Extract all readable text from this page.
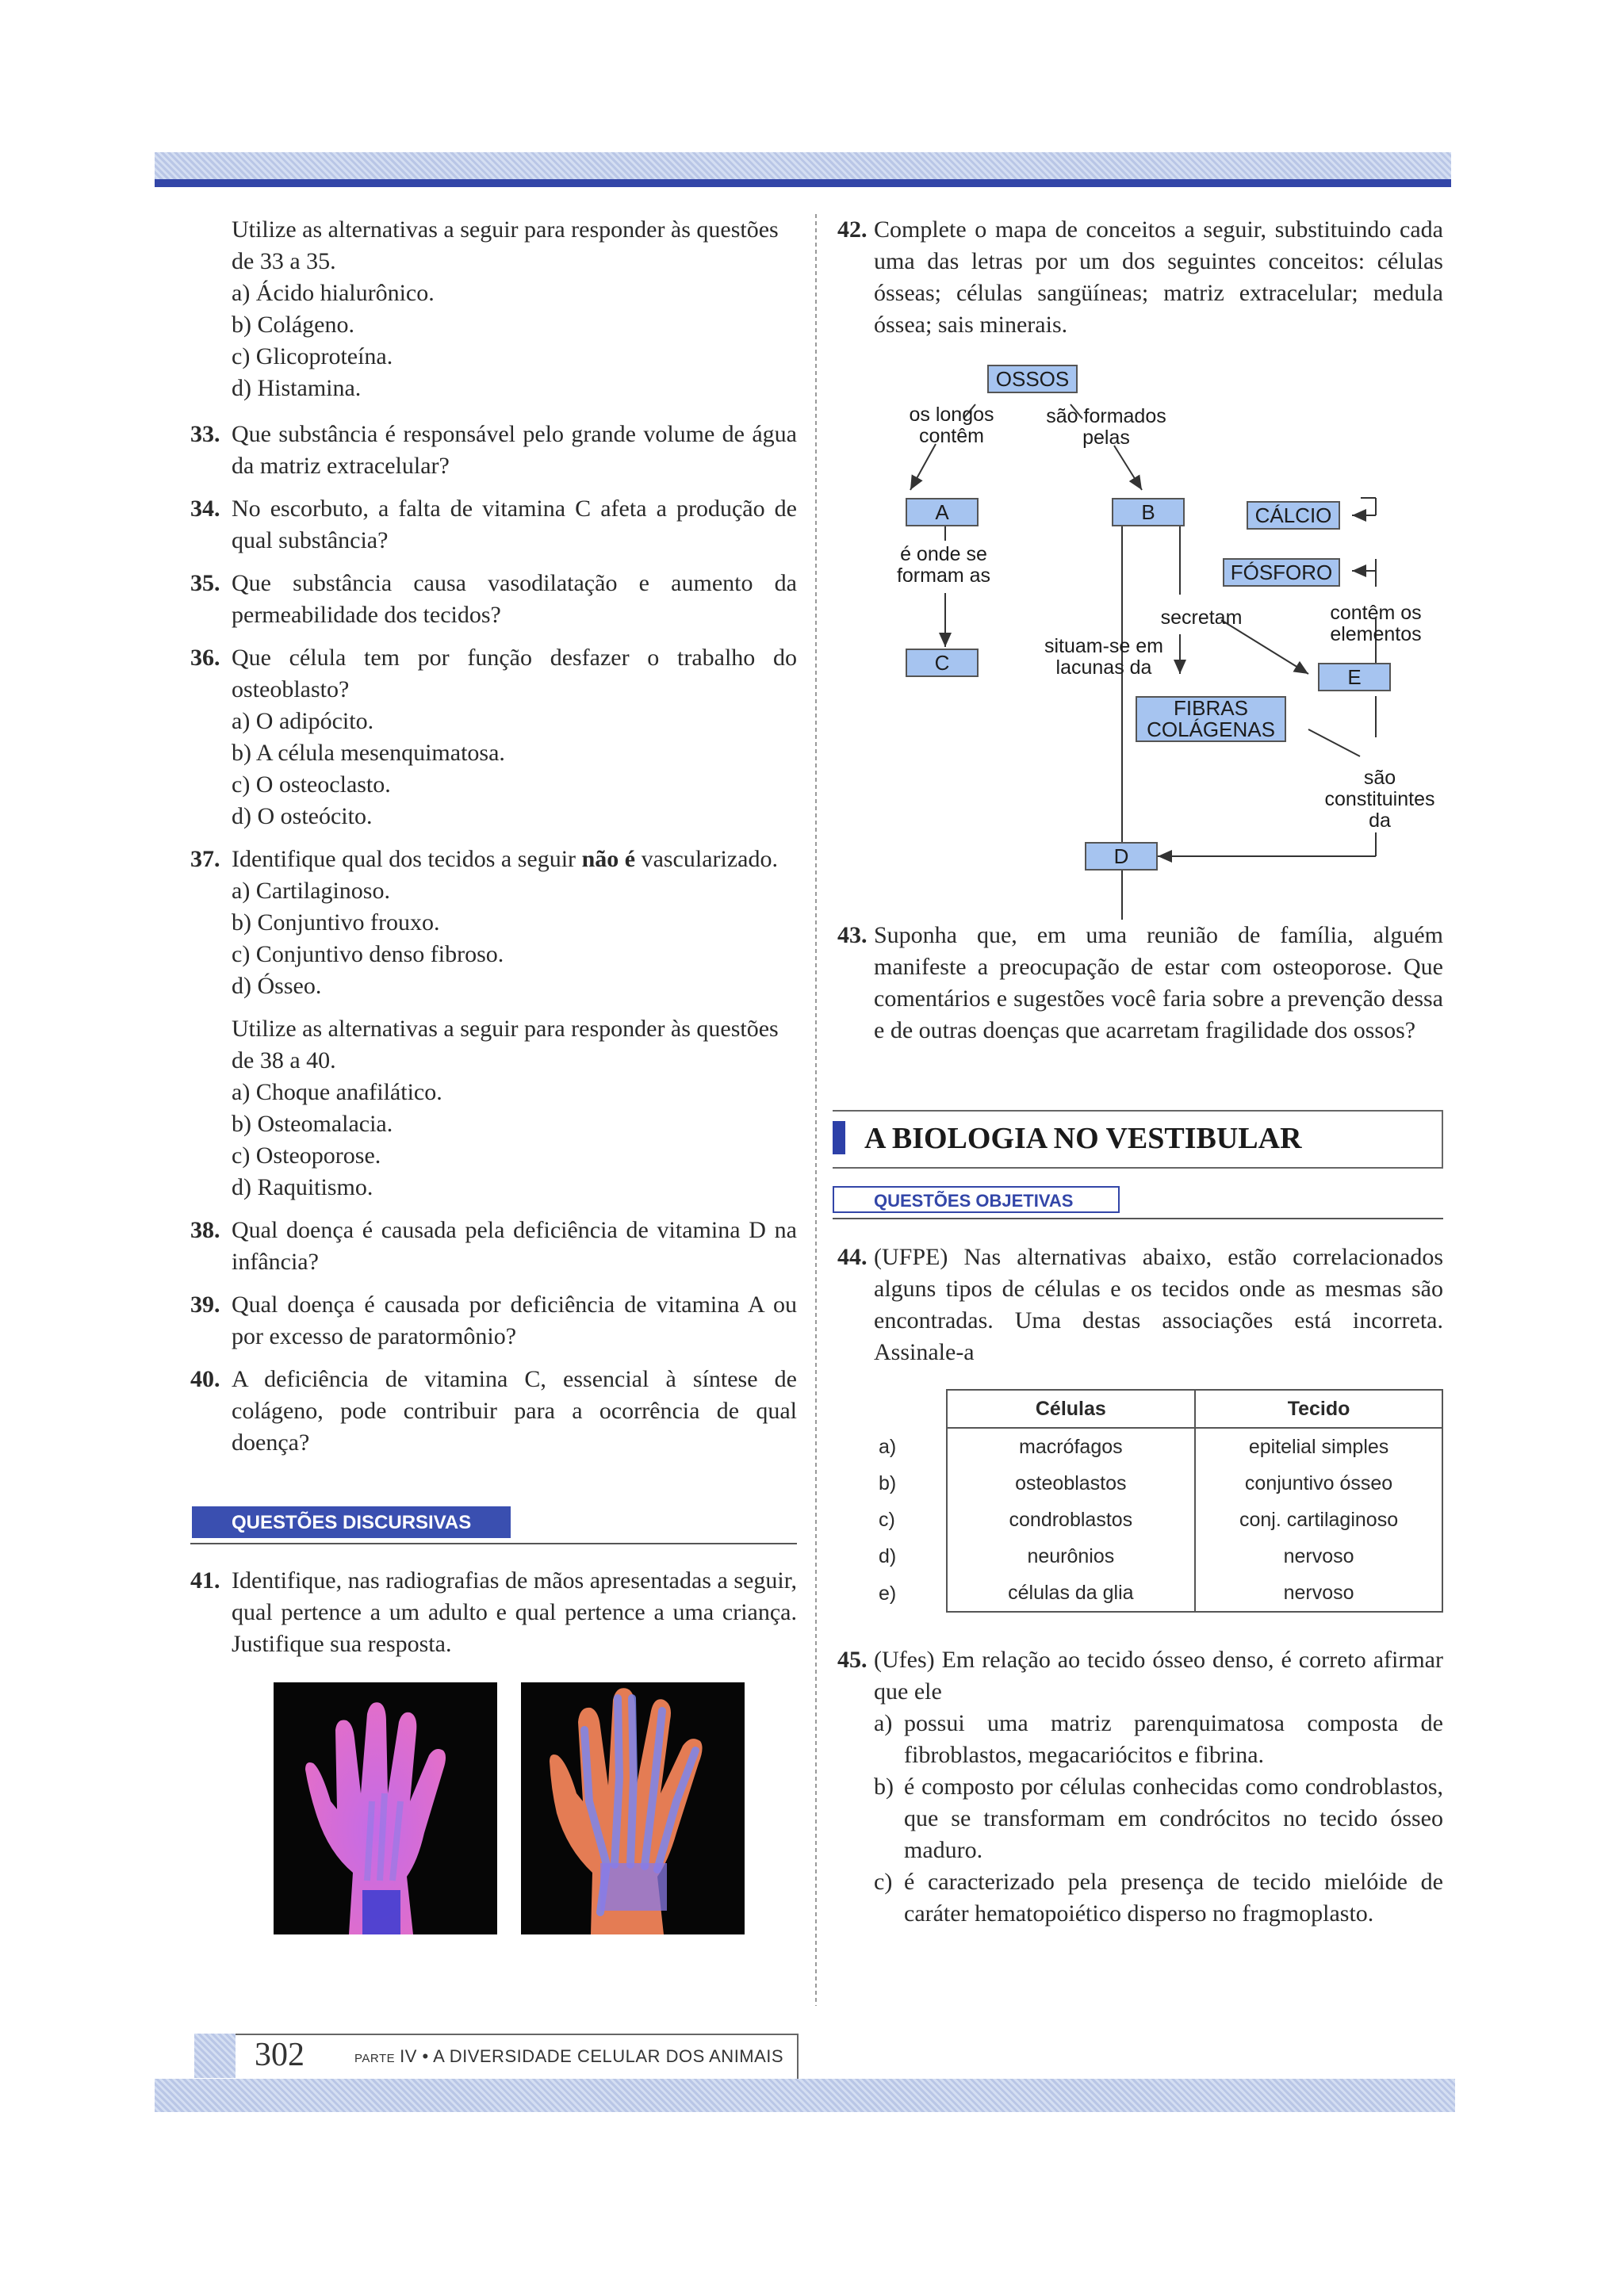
Utilize as alternativas a seguir para responder às questões de 33 a 35.
a) Ácido hialurônico.
b) Colágeno.
c) Glicoproteína.
d) Histamina.
33. Que substância é responsável pelo grande volume de água da matriz extracelular?
34. No escorbuto, a falta de vitamina C afeta a produção de qual substância?
35. Que substância causa vasodilatação e aumento da permeabilidade dos tecidos?
36. Que célula tem por função desfazer o trabalho do osteoblasto?
a) O adipócito.
b) A célula mesenquimatosa.
c) O osteoclasto.
d) O osteócito.
37. Identifique qual dos tecidos a seguir não é vascularizado.
a) Cartilaginoso.
b) Conjuntivo frouxo.
c) Conjuntivo denso fibroso.
d) Ósseo.
Utilize as alternativas a seguir para responder às questões de 38 a 40.
a) Choque anafilático.
b) Osteomalacia.
c) Osteoporose.
d) Raquitismo.
38. Qual doença é causada pela deficiência de vitamina D na infância?
39. Qual doença é causada por deficiência de vitamina A ou por excesso de paratormônio?
40. A deficiência de vitamina C, essencial à síntese de colágeno, pode contribuir para a ocorrência de qual doença?
QUESTÕES DISCURSIVAS
41. Identifique, nas radiografias de mãos apresentadas a seguir, qual pertence a um adulto e qual pertence a uma criança. Justifique sua resposta.
42. Complete o mapa de conceitos a seguir, substituindo cada uma das letras por um dos seguintes conceitos: células ósseas; células sangüíneas; matriz extracelular; medula óssea; sais minerais.
OSSOS
os longos
contêm
são formados
pelas
A	B	CÁLCIO
FÓSFORO
é onde se
formam as
secretam	contêm os
elementos
situam-se em
lacunas da
C
E
FIBRAS
COLÁGENAS
são
constituintes
da
D
43. Suponha que, em uma reunião de família, alguém manifeste a preocupação de estar com osteoporose. Que comentários e sugestões você faria sobre a prevenção dessa e de outras doenças que acarretam fragilidade dos ossos?
A BIOLOGIA NO VESTIBULAR
QUESTÕES OBJETIVAS
44. (UFPE) Nas alternativas abaixo, estão correlacionados alguns tipos de células e os tecidos onde as mesmas são encontradas. Uma destas associações está incorreta. Assinale-a
	Células	Tecido
a)	macrófagos	epitelial simples
b)	osteoblastos	conjuntivo ósseo
c)	condroblastos	conj. cartilaginoso
d)	neurônios	nervoso
e)	células da glia	nervoso
45. (Ufes) Em relação ao tecido ósseo denso, é correto afirmar que ele
a) possui uma matriz parenquimatosa composta de fibroblastos, megacariócitos e fibrina.
b) é composto por células conhecidas como condroblastos, que se transformam em condrócitos no tecido ósseo maduro.
c) é caracterizado pela presença de tecido mielóide de caráter hematopoiético disperso no fragmoplasto.
302	PARTE IV • A DIVERSIDADE CELULAR DOS ANIMAIS
